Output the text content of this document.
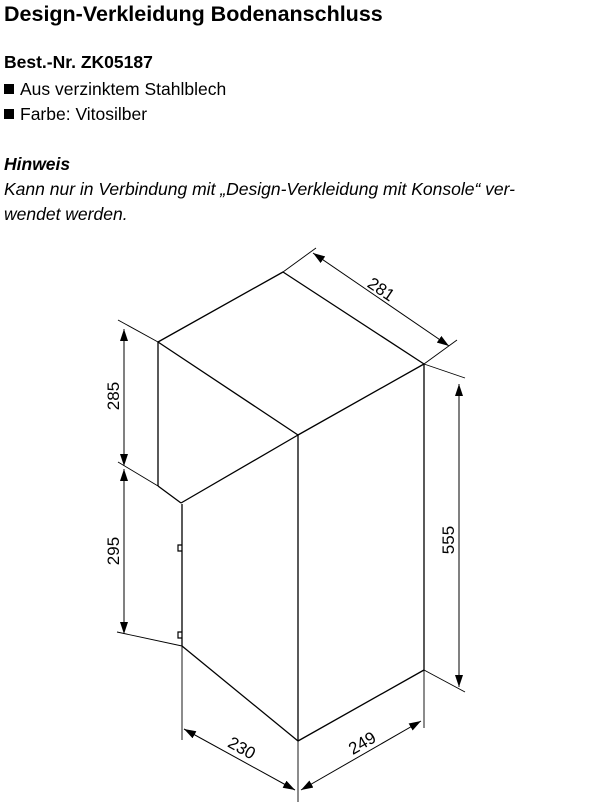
Design-Verkleidung Bodenanschluss
Best.-Nr. ZK05187
Aus verzinktem Stahlblech
Farbe: Vitosilber
Hinweis
Kann nur in Verbindung mit „Design-Verkleidung mit Konsole“ ver-
wendet werden.
281
285
295	555
230	249
